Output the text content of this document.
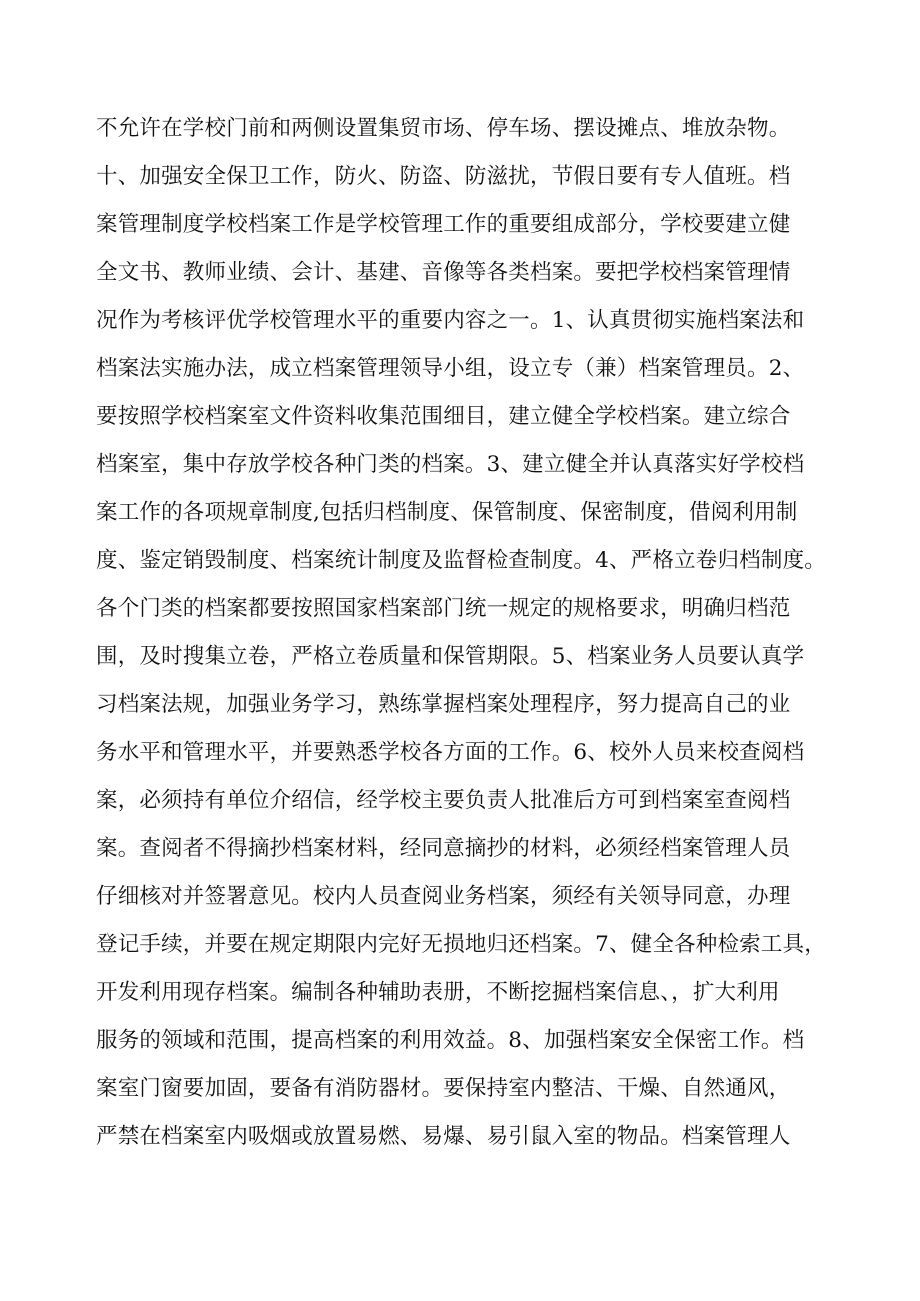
不允许在学校门前和两侧设置集贸市场、停车场、摆设摊点、堆放杂物。
十、加强安全保卫工作，防火、防盗、防滋扰，节假日要有专人值班。档
案管理制度学校档案工作是学校管理工作的重要组成部分，学校要建立健
全文书、教师业绩、会计、基建、音像等各类档案。要把学校档案管理情
况作为考核评优学校管理水平的重要内容之一。1、认真贯彻实施档案法和
档案法实施办法，成立档案管理领导小组，设立专（兼）档案管理员。2、
要按照学校档案室文件资料收集范围细目，建立健全学校档案。建立综合
档案室，集中存放学校各种门类的档案。3、建立健全并认真落实好学校档
案工作的各项规章制度,包括归档制度、保管制度、保密制度，借阅利用制
度、鉴定销毁制度、档案统计制度及监督检查制度。4、严格立卷归档制度。
各个门类的档案都要按照国家档案部门统一规定的规格要求，明确归档范
围，及时搜集立卷，严格立卷质量和保管期限。5、档案业务人员要认真学
习档案法规，加强业务学习，熟练掌握档案处理程序，努力提高自己的业
务水平和管理水平，并要熟悉学校各方面的工作。6、校外人员来校查阅档
案，必须持有单位介绍信，经学校主要负责人批准后方可到档案室查阅档
案。查阅者不得摘抄档案材料，经同意摘抄的材料，必须经档案管理人员
仔细核对并签署意见。校内人员查阅业务档案，须经有关领导同意，办理
登记手续，并要在规定期限内完好无损地归还档案。7、健全各种检索工具，
开发利用现存档案。编制各种辅助表册，不断挖掘档案信息、，扩大利用
服务的领域和范围，提高档案的利用效益。8、加强档案安全保密工作。档
案室门窗要加固，要备有消防器材。要保持室内整洁、干燥、自然通风，
严禁在档案室内吸烟或放置易燃、易爆、易引鼠入室的物品。档案管理人
